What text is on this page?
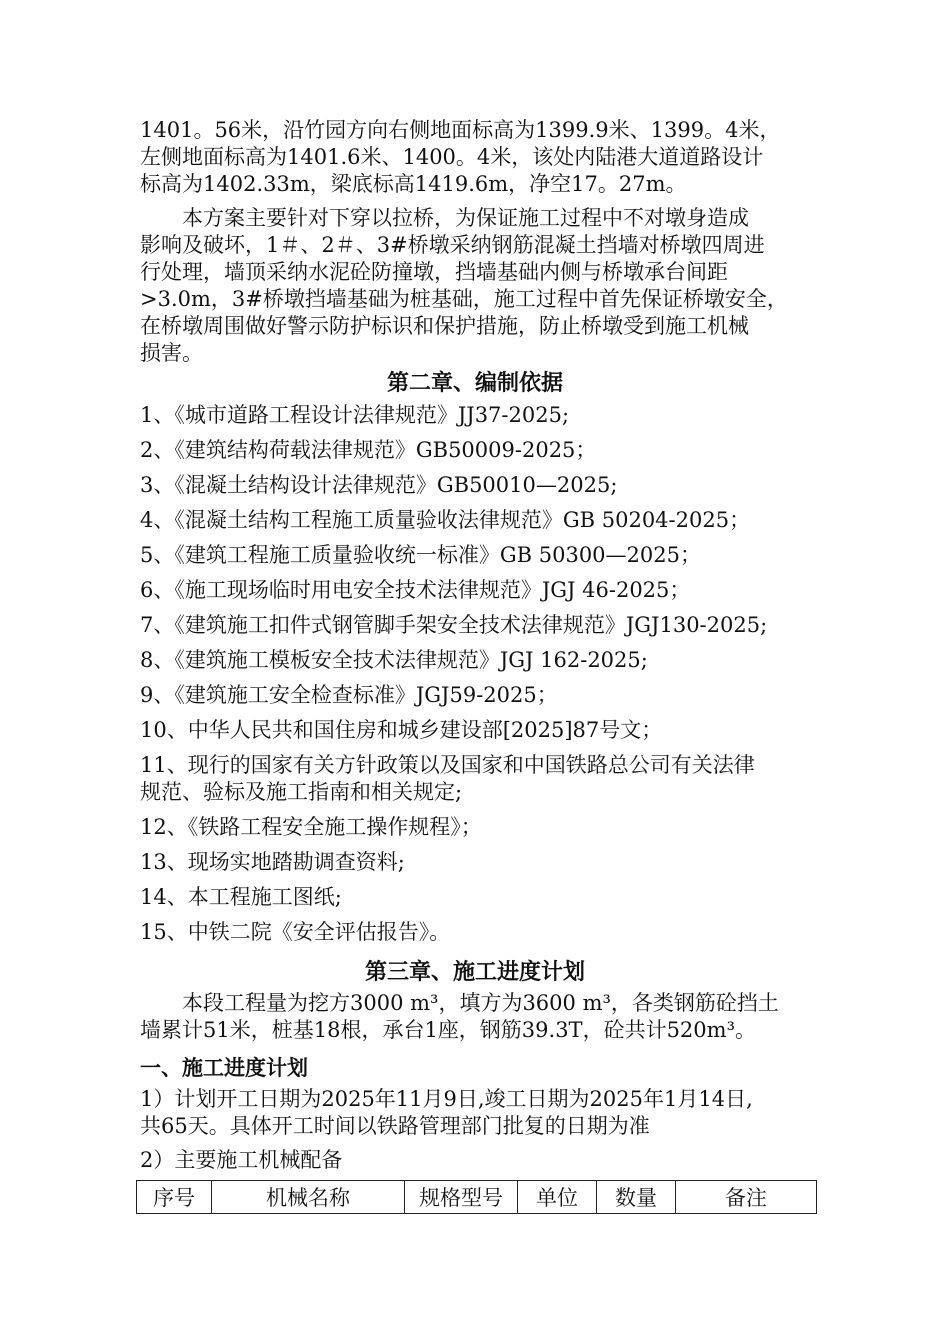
1401。56米，沿竹园方向右侧地面标高为1399.9米、1399。4米，
左侧地面标高为1401.6米、1400。4米，该处内陆港大道道路设计
标高为1402.33m，梁底标高1419.6m，净空17。27m。
本方案主要针对下穿以拉桥，为保证施工过程中不对墩身造成
影响及破坏，1＃、2＃、3#桥墩采纳钢筋混凝土挡墙对桥墩四周进
行处理，墙顶采纳水泥砼防撞墩，挡墙基础内侧与桥墩承台间距
>3.0m，3#桥墩挡墙基础为桩基础，施工过程中首先保证桥墩安全，
在桥墩周围做好警示防护标识和保护措施，防止桥墩受到施工机械
损害。
第二章、编制依据
1、《城市道路工程设计法律规范》JJ37-2025;
2、《建筑结构荷载法律规范》GB50009-2025；
3、《混凝土结构设计法律规范》GB50010—2025;
4、《混凝土结构工程施工质量验收法律规范》GB 50204-2025；
5、《建筑工程施工质量验收统一标准》GB 50300—2025；
6、《施工现场临时用电安全技术法律规范》JGJ 46-2025；
7、《建筑施工扣件式钢管脚手架安全技术法律规范》JGJ130-2025;
8、《建筑施工模板安全技术法律规范》JGJ 162-2025;
9、《建筑施工安全检查标准》JGJ59-2025；
10、中华人民共和国住房和城乡建设部[2025]87号文；
11、现行的国家有关方针政策以及国家和中国铁路总公司有关法律
规范、验标及施工指南和相关规定;
12、《铁路工程安全施工操作规程》；
13、现场实地踏勘调查资料;
14、本工程施工图纸;
15、中铁二院《安全评估报告》。
第三章、施工进度计划
本段工程量为挖方3000 m³，填方为3600 m³，各类钢筋砼挡土
墙累计51米，桩基18根，承台1座，钢筋39.3T，砼共计520m³。
一、施工进度计划
1）计划开工日期为2025年11月9日,竣工日期为2025年1月14日,
共65天。具体开工时间以铁路管理部门批复的日期为准
2）主要施工机械配备
序号	机械名称	规格型号	单位	数量	备注
